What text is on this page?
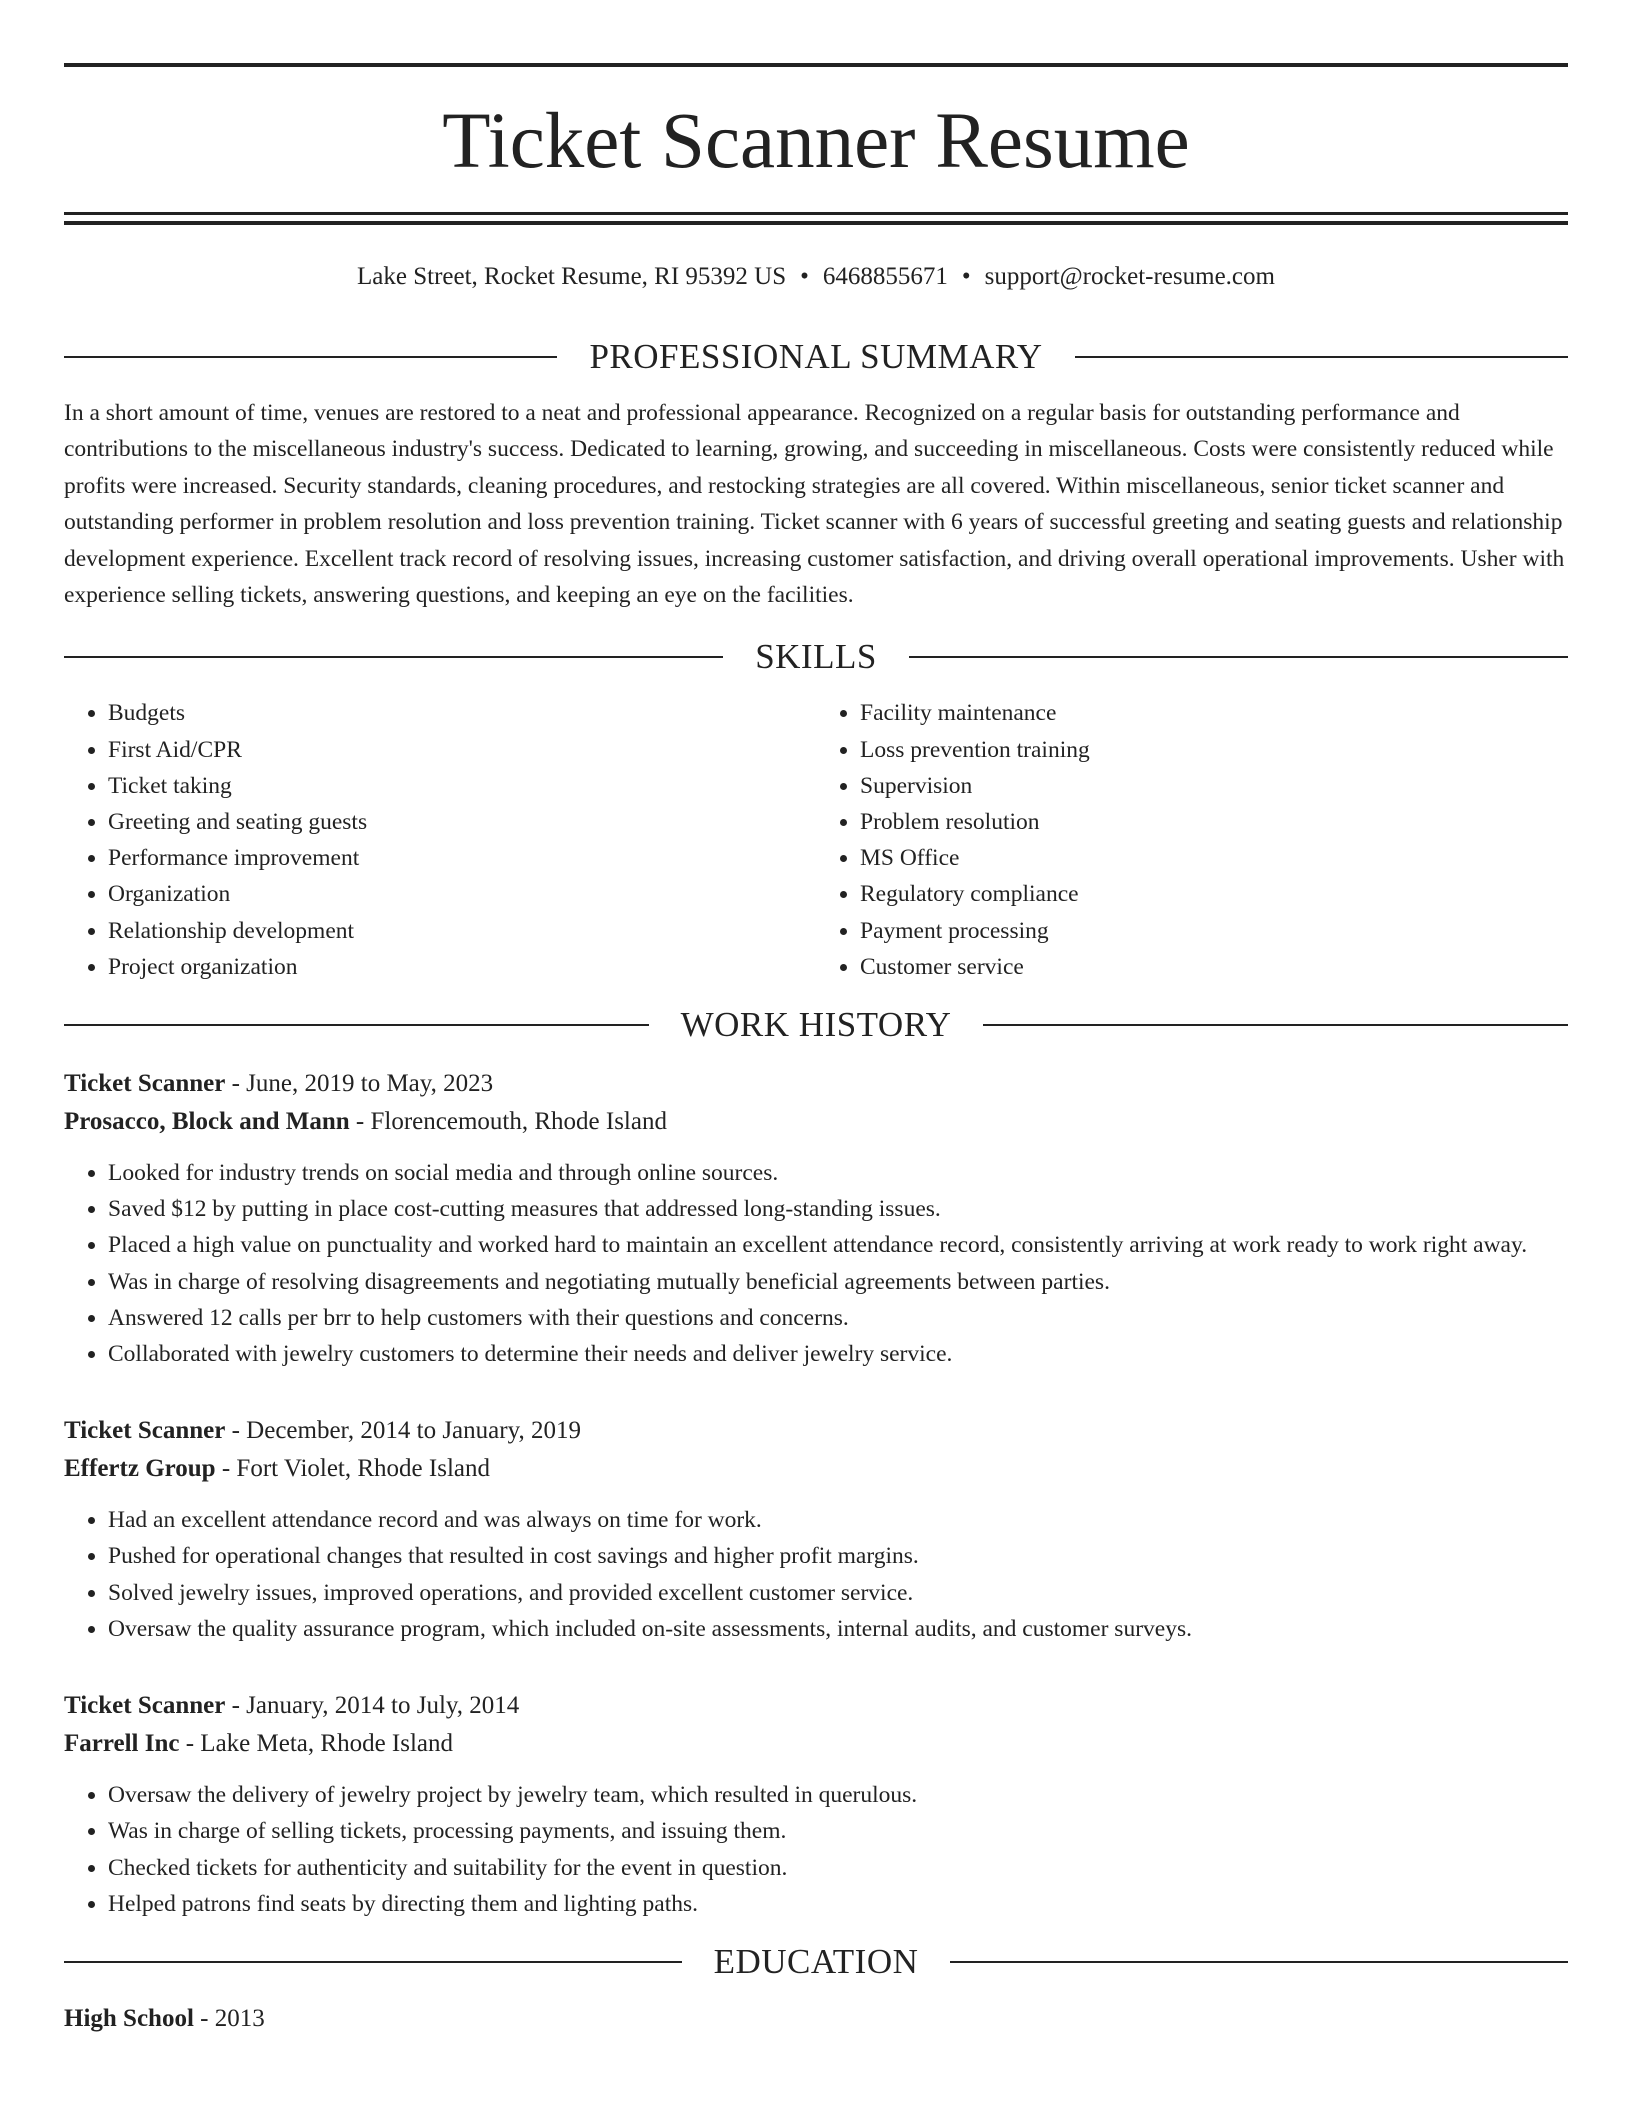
Ticket Scanner Resume
Lake Street, Rocket Resume, RI 95392 US • 6468855671 • support@rocket-resume.com
PROFESSIONAL SUMMARY
In a short amount of time, venues are restored to a neat and professional appearance. Recognized on a regular basis for outstanding performance and contributions to the miscellaneous industry's success. Dedicated to learning, growing, and succeeding in miscellaneous. Costs were consistently reduced while profits were increased. Security standards, cleaning procedures, and restocking strategies are all covered. Within miscellaneous, senior ticket scanner and outstanding performer in problem resolution and loss prevention training. Ticket scanner with 6 years of successful greeting and seating guests and relationship development experience. Excellent track record of resolving issues, increasing customer satisfaction, and driving overall operational improvements. Usher with experience selling tickets, answering questions, and keeping an eye on the facilities.
SKILLS
• Budgets
• First Aid/CPR
• Ticket taking
• Greeting and seating guests
• Performance improvement
• Organization
• Relationship development
• Project organization
• Facility maintenance
• Loss prevention training
• Supervision
• Problem resolution
• MS Office
• Regulatory compliance
• Payment processing
• Customer service
WORK HISTORY
Ticket Scanner - June, 2019 to May, 2023
Prosacco, Block and Mann - Florencemouth, Rhode Island
• Looked for industry trends on social media and through online sources.
• Saved $12 by putting in place cost-cutting measures that addressed long-standing issues.
• Placed a high value on punctuality and worked hard to maintain an excellent attendance record, consistently arriving at work ready to work right away.
• Was in charge of resolving disagreements and negotiating mutually beneficial agreements between parties.
• Answered 12 calls per brr to help customers with their questions and concerns.
• Collaborated with jewelry customers to determine their needs and deliver jewelry service.
Ticket Scanner - December, 2014 to January, 2019
Effertz Group - Fort Violet, Rhode Island
• Had an excellent attendance record and was always on time for work.
• Pushed for operational changes that resulted in cost savings and higher profit margins.
• Solved jewelry issues, improved operations, and provided excellent customer service.
• Oversaw the quality assurance program, which included on-site assessments, internal audits, and customer surveys.
Ticket Scanner - January, 2014 to July, 2014
Farrell Inc - Lake Meta, Rhode Island
• Oversaw the delivery of jewelry project by jewelry team, which resulted in querulous.
• Was in charge of selling tickets, processing payments, and issuing them.
• Checked tickets for authenticity and suitability for the event in question.
• Helped patrons find seats by directing them and lighting paths.
EDUCATION
High School - 2013
